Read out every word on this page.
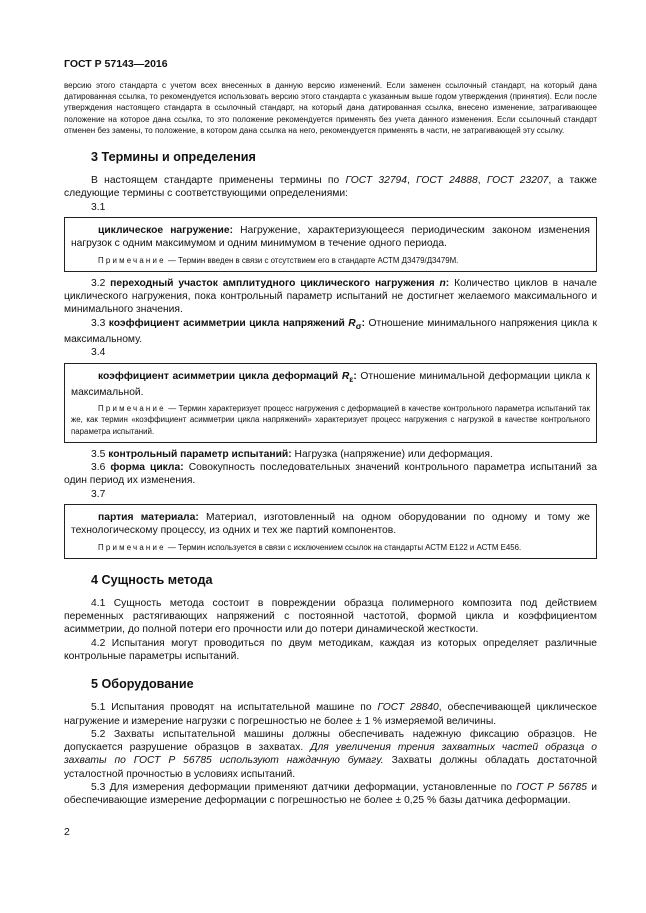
ГОСТ Р 57143—2016

версию этого стандарта с учетом всех внесенных в данную версию изменений. Если заменен ссылочный стандарт, на который дана датированная ссылка, то рекомендуется использовать версию этого стандарта с указанным выше годом утверждения (принятия). Если после утверждения настоящего стандарта в ссылочный стандарт, на который дана датированная ссылка, внесено изменение, затрагивающее положение на которое дана ссылка, то это положение рекомендуется применять без учета данного изменения. Если ссылочный стандарт отменен без замены, то положение, в котором дана ссылка на него, рекомендуется применять в части, не затрагивающей эту ссылку.

3 Термины и определения

В настоящем стандарте применены термины по ГОСТ 32794, ГОСТ 24888, ГОСТ 23207, а также следующие термины с соответствующими определениями:

3.1

циклическое нагружение: Нагружение, характеризующееся периодическим законом изменения нагрузок с одним максимумом и одним минимумом в течение одного периода.

Примечание — Термин введен в связи с отсутствием его в стандарте АСТМ Д3479/Д3479М.

3.2 переходный участок амплитудного циклического нагружения n: Количество циклов в начале циклического нагружения, пока контрольный параметр испытаний не достигнет желаемого максимального и минимального значения.

3.3 коэффициент асимметрии цикла напряжений $R_\sigma$: Отношение минимального напряжения цикла к максимальному.

3.4

коэффициент асимметрии цикла деформаций $R_\varepsilon$: Отношение минимальной деформации цикла к максимальной.

Примечание — Термин характеризует процесс нагружения с деформацией в качестве контрольного параметра испытаний так же, как термин «коэффициент асимметрии цикла напряжений» характеризует процесс нагружения с нагрузкой в качестве контрольного параметра испытаний.

3.5 контрольный параметр испытаний: Нагрузка (напряжение) или деформация.

3.6 форма цикла: Совокупность последовательных значений контрольного параметра испытаний за один период их изменения.

3.7

партия материала: Материал, изготовленный на одном оборудовании по одному и тому же технологическому процессу, из одних и тех же партий компонентов.

Примечание — Термин используется в связи с исключением ссылок на стандарты АСТМ Е122 и АСТМ Е456.

4 Сущность метода

4.1 Сущность метода состоит в повреждении образца полимерного композита под действием переменных растягивающих напряжений с постоянной частотой, формой цикла и коэффициентом асимметрии, до полной потери его прочности или до потери динамической жесткости.

4.2 Испытания могут проводиться по двум методикам, каждая из которых определяет различные контрольные параметры испытаний.

5 Оборудование

5.1 Испытания проводят на испытательной машине по ГОСТ 28840, обеспечивающей циклическое нагружение и измерение нагрузки с погрешностью не более ± 1 % измеряемой величины.

5.2 Захваты испытательной машины должны обеспечивать надежную фиксацию образцов. Не допускается разрушение образцов в захватах. Для увеличения трения захватных частей образца о захваты по ГОСТ Р 56785 используют наждачную бумагу. Захваты должны обладать достаточной усталостной прочностью в условиях испытаний.

5.3 Для измерения деформации применяют датчики деформации, установленные по ГОСТ Р 56785 и обеспечивающие измерение деформации с погрешностью не более ± 0,25 % базы датчика деформации.

2
